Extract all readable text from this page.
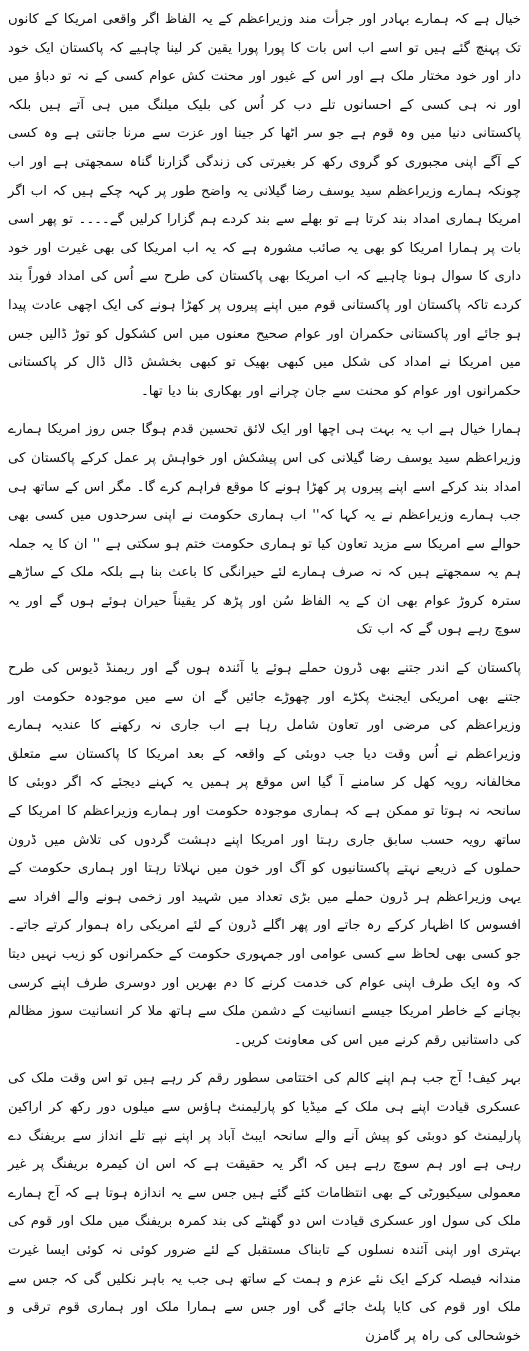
خیال ہے کہ ہمارے بہادر اور جرأت مند وزیراعظم کے یہ الفاظ اگر واقعی امریکا کے کانوں تک پہنچ گئے ہیں تو اسے اب اس بات کا پورا پورا یقین کر لینا چاہیے کہ پاکستان ایک خود دار اور خود مختار ملک ہے اور اس کے غیور اور محنت کش عوام کسی کے نہ تو دباؤ میں اور نہ ہی کسی کے احسانوں تلے دب کر اُس کی بلیک میلنگ میں ہی آتے ہیں بلکہ پاکستانی دنیا میں وہ قوم ہے جو سر اٹھا کر جینا اور عزت سے مرنا جانتی ہے وہ کسی کے آگے اپنی مجبوری کو گروی رکھ کر بغیرتی کی زندگی گزارنا گناہ سمجھتی ہے اور اب چونکہ ہمارے وزیراعظم سید یوسف رضا گیلانی یہ واضح طور پر کہہ چکے ہیں کہ اب اگر امریکا ہماری امداد بند کرتا ہے تو بھلے سے بند کردے ہم گزارا کرلیں گے۔۔۔۔ تو پھر اسی بات پر ہمارا امریکا کو بھی یہ صائب مشورہ ہے کہ یہ اب امریکا کی بھی غیرت اور خود داری کا سوال ہونا چاہیے کہ اب امریکا بھی پاکستان کی طرح سے اُس کی امداد فوراً بند کردے تاکہ پاکستان اور پاکستانی قوم میں اپنے پیروں پر کھڑا ہونے کی ایک اچھی عادت پیدا ہو جائے اور پاکستانی حکمران اور عوام صحیح معنوں میں اس کشکول کو توڑ ڈالیں جس میں امریکا نے امداد کی شکل میں کبھی بھیک تو کبھی بخشش ڈال ڈال کر پاکستانی حکمرانوں اور عوام کو محنت سے جان چرانے اور بھکاری بنا دیا تھا۔

ہمارا خیال ہے اب یہ بہت ہی اچھا اور ایک لائق تحسین قدم ہوگا جس روز امریکا ہمارے وزیراعظم سید یوسف رضا گیلانی کی اس پیشکش اور خواہش پر عمل کرکے پاکستان کی امداد بند کرکے اسے اپنے پیروں پر کھڑا ہونے کا موقع فراہم کرے گا۔ مگر اس کے ساتھ ہی جب ہمارے وزیراعظم نے یہ کہا کہ'' اب ہماری حکومت نے اپنی سرحدوں میں کسی بھی حوالے سے امریکا سے مزید تعاون کیا تو ہماری حکومت ختم ہو سکتی ہے '' ان کا یہ جملہ ہم یہ سمجھتے ہیں کہ نہ صرف ہمارے لئے حیرانگی کا باعث بنا ہے بلکہ ملک کے ساڑھے سترہ کروڑ عوام بھی ان کے یہ الفاظ سُن اور پڑھ کر یقیناً حیران ہوئے ہوں گے اور یہ سوچ رہے ہوں گے کہ اب تک

پاکستان کے اندر جتنے بھی ڈرون حملے ہوئے یا آئندہ ہوں گے اور ریمنڈ ڈیوس کی طرح جتنے بھی امریکی ایجنٹ پکڑے اور چھوڑے جائیں گے ان سے میں موجودہ حکومت اور وزیراعظم کی مرضی اور تعاون شامل رہا ہے اب جاری نہ رکھنے کا عندیہ ہمارے وزیراعظم نے اُس وقت دیا جب دوبئی کے واقعہ کے بعد امریکا کا پاکستان سے متعلق مخالفانہ رویہ کھل کر سامنے آ گیا اس موقع پر ہمیں یہ کہنے دیجئے کہ اگر دوبئی کا سانحہ نہ ہوتا تو ممکن ہے کہ ہماری موجودہ حکومت اور ہمارے وزیراعظم کا امریکا کے ساتھ رویہ حسب سابق جاری رہتا اور امریکا اپنے دہشت گردوں کی تلاش میں ڈرون حملوں کے ذریعے نہتے پاکستانیوں کو آگ اور خون میں نہلاتا رہتا اور ہماری حکومت کے یہی وزیراعظم ہر ڈرون حملے میں بڑی تعداد میں شہید اور زخمی ہونے والے افراد سے افسوس کا اظہار کرکے رہ جاتے اور پھر اگلے ڈرون کے لئے امریکی راہ ہموار کرتے جاتے۔ جو کسی بھی لحاظ سے کسی عوامی اور جمہوری حکومت کے حکمرانوں کو زیب نہیں دیتا کہ وہ ایک طرف اپنی عوام کی خدمت کرنے کا دم بھریں اور دوسری طرف اپنے کرسی بچانے کے خاطر امریکا جیسے انسانیت کے دشمن ملک سے ہاتھ ملا کر انسانیت سوز مظالم کی داستانیں رقم کرنے میں اس کی معاونت کریں۔

بہر کیف! آج جب ہم اپنے کالم کی اختتامی سطور رقم کر رہے ہیں تو اس وقت ملک کی عسکری قیادت اپنے ہی ملک کے میڈیا کو پارلیمنٹ ہاؤس سے میلوں دور رکھ کر اراکین پارلیمنٹ کو دوبئی کو پیش آنے والے سانحہ ایبٹ آباد پر اپنے نپے تلے انداز سے بریفنگ دے رہی ہے اور ہم سوچ رہے ہیں کہ اگر یہ حقیقت ہے کہ اس ان کیمرہ بریفنگ پر غیر معمولی سیکیورٹی کے بھی انتظامات کئے گئے ہیں جس سے یہ اندازہ ہوتا ہے کہ آج ہمارے ملک کی سول اور عسکری قیادت اس دو گھنٹے کی بند کمرہ بریفنگ میں ملک اور قوم کی بہتری اور اپنی آئندہ نسلوں کے تابناک مستقبل کے لئے ضرور کوئی نہ کوئی ایسا غیرت مندانہ فیصلہ کرکے ایک نئے عزم و ہمت کے ساتھ ہی جب یہ باہر نکلیں گی کہ جس سے ملک اور قوم کی کایا پلٹ جائے گی اور جس سے ہمارا ملک اور ہماری قوم ترقی و خوشحالی کی راہ پر گامزن
